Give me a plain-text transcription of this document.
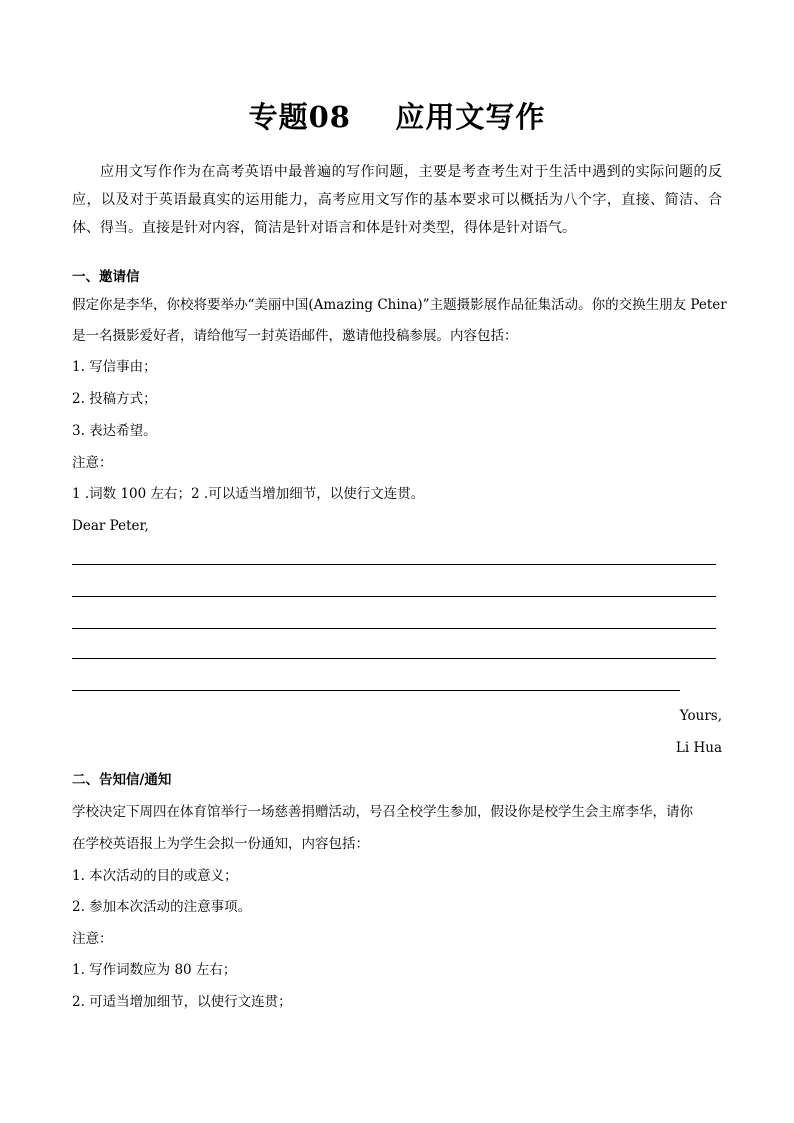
专题08    应用文写作
应用文写作作为在高考英语中最普遍的写作问题，主要是考查考生对于生活中遇到的实际问题的反应，以及对于英语最真实的运用能力，高考应用文写作的基本要求可以概括为八个字，直接、简洁、合体、得当。直接是针对内容，简洁是针对语言和体是针对类型，得体是针对语气。
一、邀请信
假定你是李华，你校将要举办“美丽中国(Amazing China)”主题摄影展作品征集活动。你的交换生朋友 Peter
是一名摄影爱好者，请给他写一封英语邮件，邀请他投稿参展。内容包括：
1. 写信事由；
2. 投稿方式；
3. 表达希望。
注意：
1 .词数 100 左右；2 .可以适当增加细节，以使行文连贯。
Dear Peter,
Yours,
Li Hua
二、告知信/通知
学校决定下周四在体育馆举行一场慈善捐赠活动，号召全校学生参加，假设你是校学生会主席李华，请你
在学校英语报上为学生会拟一份通知，内容包括：
1. 本次活动的目的或意义；
2. 参加本次活动的注意事项。
注意：
1. 写作词数应为 80 左右；
2. 可适当增加细节，以使行文连贯；
